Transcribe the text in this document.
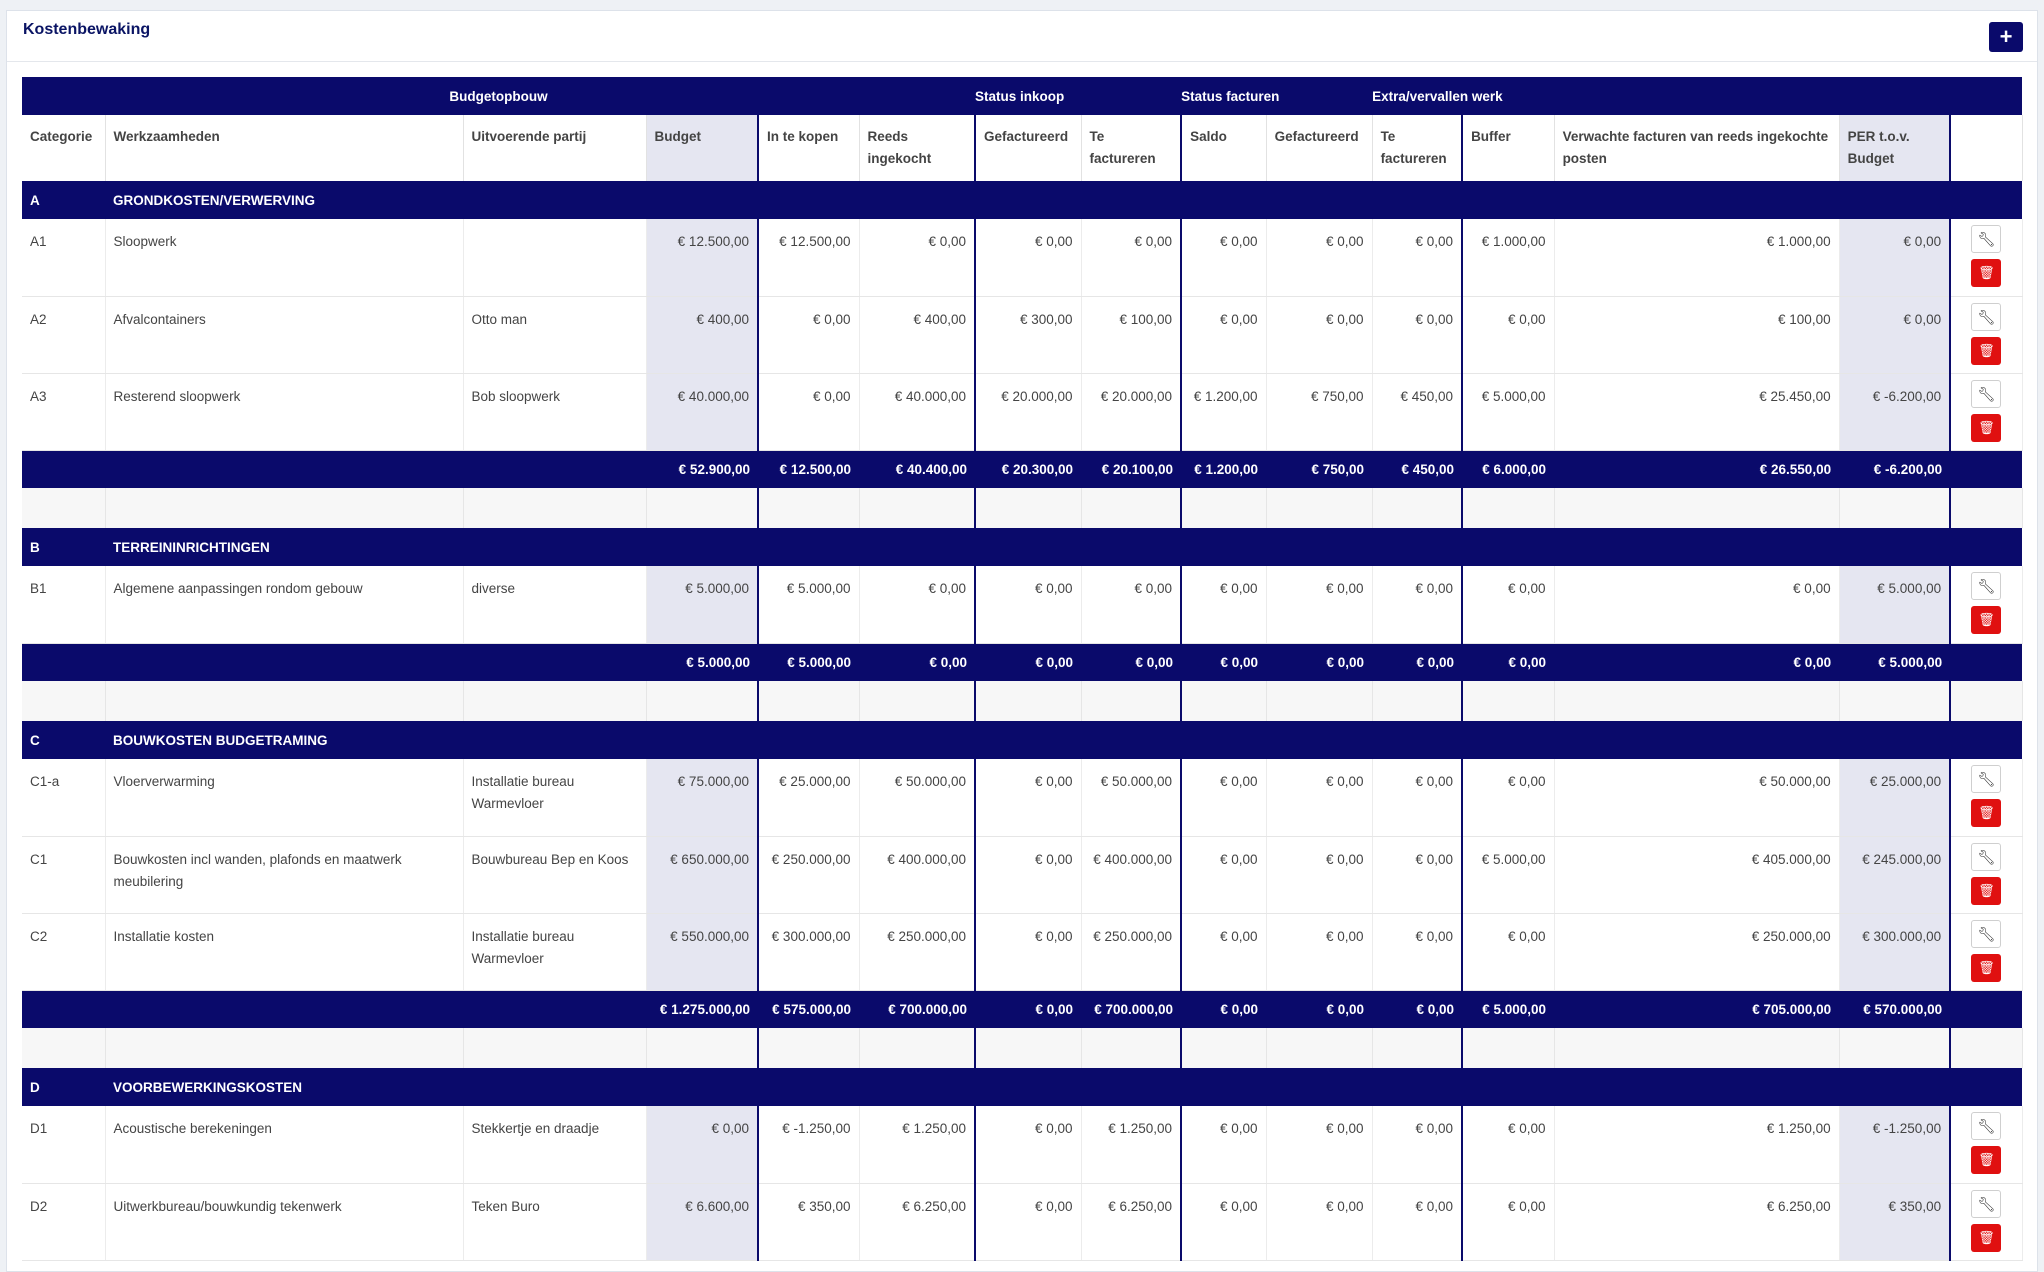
Kostenbewaking	+
Budgetopbouw						Status inkoop		Status facturen		Extra/vervallen werk				
Categorie	Werkzaamheden	Uitvoerende partij	Budget	In te kopen	Reeds ingekocht	Gefactureerd	Te factureren	Saldo	Gefactureerd	Te factureren	Buffer	Verwachte facturen van reeds ingekochte posten	PER t.o.v. Budget	
A	GRONDKOSTEN/VERWERVING													
A1	Sloopwerk		€ 12.500,00	€ 12.500,00	€ 0,00	€ 0,00	€ 0,00	€ 0,00	€ 0,00	€ 0,00	€ 1.000,00	€ 1.000,00	€ 0,00	🔧︎
🗑︎

A2	Afvalcontainers	Otto man	€ 400,00	€ 0,00	€ 400,00	€ 300,00	€ 100,00	€ 0,00	€ 0,00	€ 0,00	€ 0,00	€ 100,00	€ 0,00	🔧︎
🗑︎

A3	Resterend sloopwerk	Bob sloopwerk	€ 40.000,00	€ 0,00	€ 40.000,00	€ 20.000,00	€ 20.000,00	€ 1.200,00	€ 750,00	€ 450,00	€ 5.000,00	€ 25.450,00	€ -6.200,00	🔧︎
🗑︎

			€ 52.900,00	€ 12.500,00	€ 40.400,00	€ 20.300,00	€ 20.100,00	€ 1.200,00	€ 750,00	€ 450,00	€ 6.000,00	€ 26.550,00	€ -6.200,00	

B	TERREININRICHTINGEN													
B1	Algemene aanpassingen rondom gebouw	diverse	€ 5.000,00	€ 5.000,00	€ 0,00	€ 0,00	€ 0,00	€ 0,00	€ 0,00	€ 0,00	€ 0,00	€ 0,00	€ 5.000,00	🔧︎
🗑︎

			€ 5.000,00	€ 5.000,00	€ 0,00	€ 0,00	€ 0,00	€ 0,00	€ 0,00	€ 0,00	€ 0,00	€ 0,00	€ 5.000,00	

C	BOUWKOSTEN BUDGETRAMING													
C1-a	Vloerverwarming	Installatie bureau Warmevloer	€ 75.000,00	€ 25.000,00	€ 50.000,00	€ 0,00	€ 50.000,00	€ 0,00	€ 0,00	€ 0,00	€ 0,00	€ 50.000,00	€ 25.000,00	🔧︎
🗑︎

C1	Bouwkosten incl wanden, plafonds en maatwerk meubilering	Bouwbureau Bep en Koos	€ 650.000,00	€ 250.000,00	€ 400.000,00	€ 0,00	€ 400.000,00	€ 0,00	€ 0,00	€ 0,00	€ 5.000,00	€ 405.000,00	€ 245.000,00	🔧︎
🗑︎

C2	Installatie kosten	Installatie bureau Warmevloer	€ 550.000,00	€ 300.000,00	€ 250.000,00	€ 0,00	€ 250.000,00	€ 0,00	€ 0,00	€ 0,00	€ 0,00	€ 250.000,00	€ 300.000,00	🔧︎
🗑︎

			€ 1.275.000,00	€ 575.000,00	€ 700.000,00	€ 0,00	€ 700.000,00	€ 0,00	€ 0,00	€ 0,00	€ 5.000,00	€ 705.000,00	€ 570.000,00	

D	VOORBEWERKINGSKOSTEN													
D1	Acoustische berekeningen	Stekkertje en draadje	€ 0,00	€ -1.250,00	€ 1.250,00	€ 0,00	€ 1.250,00	€ 0,00	€ 0,00	€ 0,00	€ 0,00	€ 1.250,00	€ -1.250,00	🔧︎
🗑︎

D2	Uitwerkbureau/bouwkundig tekenwerk	Teken Buro	€ 6.600,00	€ 350,00	€ 6.250,00	€ 0,00	€ 6.250,00	€ 0,00	€ 0,00	€ 0,00	€ 0,00	€ 6.250,00	€ 350,00	🔧︎
🗑︎
